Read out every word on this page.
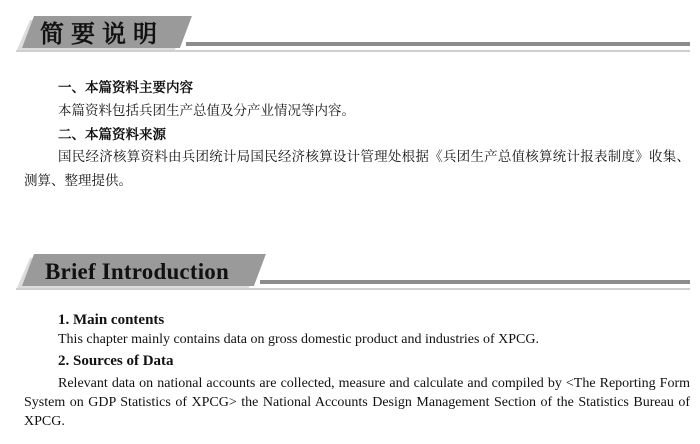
简要说明
一、本篇资料主要内容
本篇资料包括兵团生产总值及分产业情况等内容。
二、本篇资料来源
国民经济核算资料由兵团统计局国民经济核算设计管理处根据《兵团生产总值核算统计报表制度》收集、测算、整理提供。
Brief Introduction
1. Main contents
This chapter mainly contains data on gross domestic product and industries of XPCG.
2. Sources of Data
Relevant data on national accounts are collected, measure and calculate and compiled by <The Reporting Form System on GDP Statistics of XPCG> the National Accounts Design Management Section of the Statistics Bureau of XPCG.
